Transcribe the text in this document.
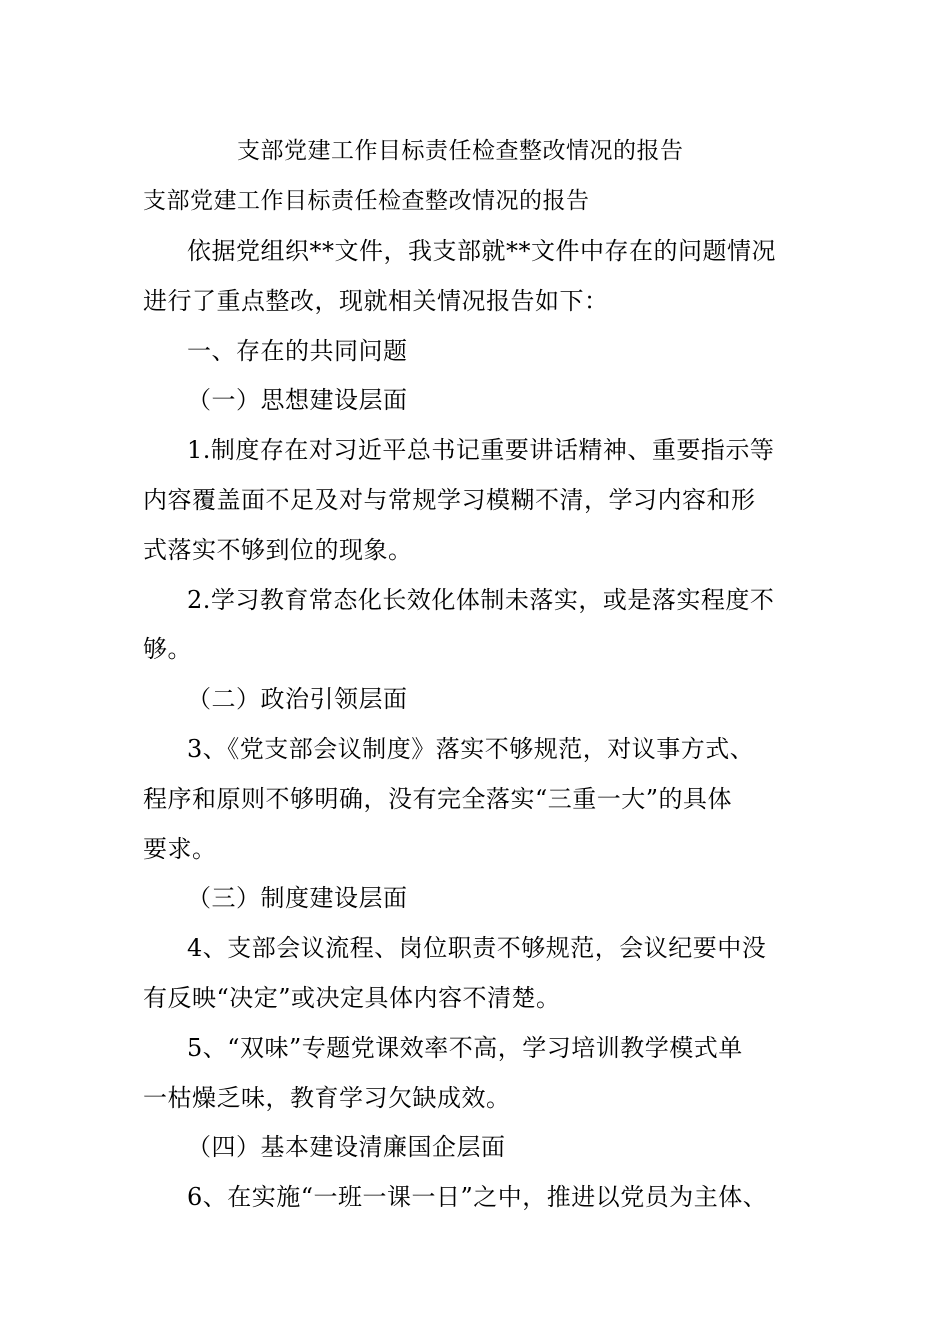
支部党建工作目标责任检查整改情况的报告
支部党建工作目标责任检查整改情况的报告
依据党组织**文件，我支部就**文件中存在的问题情况
进行了重点整改，现就相关情况报告如下：
一、存在的共同问题
（一）思想建设层面
1.制度存在对习近平总书记重要讲话精神、重要指示等
内容覆盖面不足及对与常规学习模糊不清，学习内容和形
式落实不够到位的现象。
2.学习教育常态化长效化体制未落实，或是落实程度不
够。
（二）政治引领层面
3、《党支部会议制度》落实不够规范，对议事方式、
程序和原则不够明确，没有完全落实“三重一大”的具体
要求。
（三）制度建设层面
4、支部会议流程、岗位职责不够规范，会议纪要中没
有反映“决定”或决定具体内容不清楚。
5、“双味”专题党课效率不高，学习培训教学模式单
一枯燥乏味，教育学习欠缺成效。
（四）基本建设清廉国企层面
6、在实施“一班一课一日”之中，推进以党员为主体、
